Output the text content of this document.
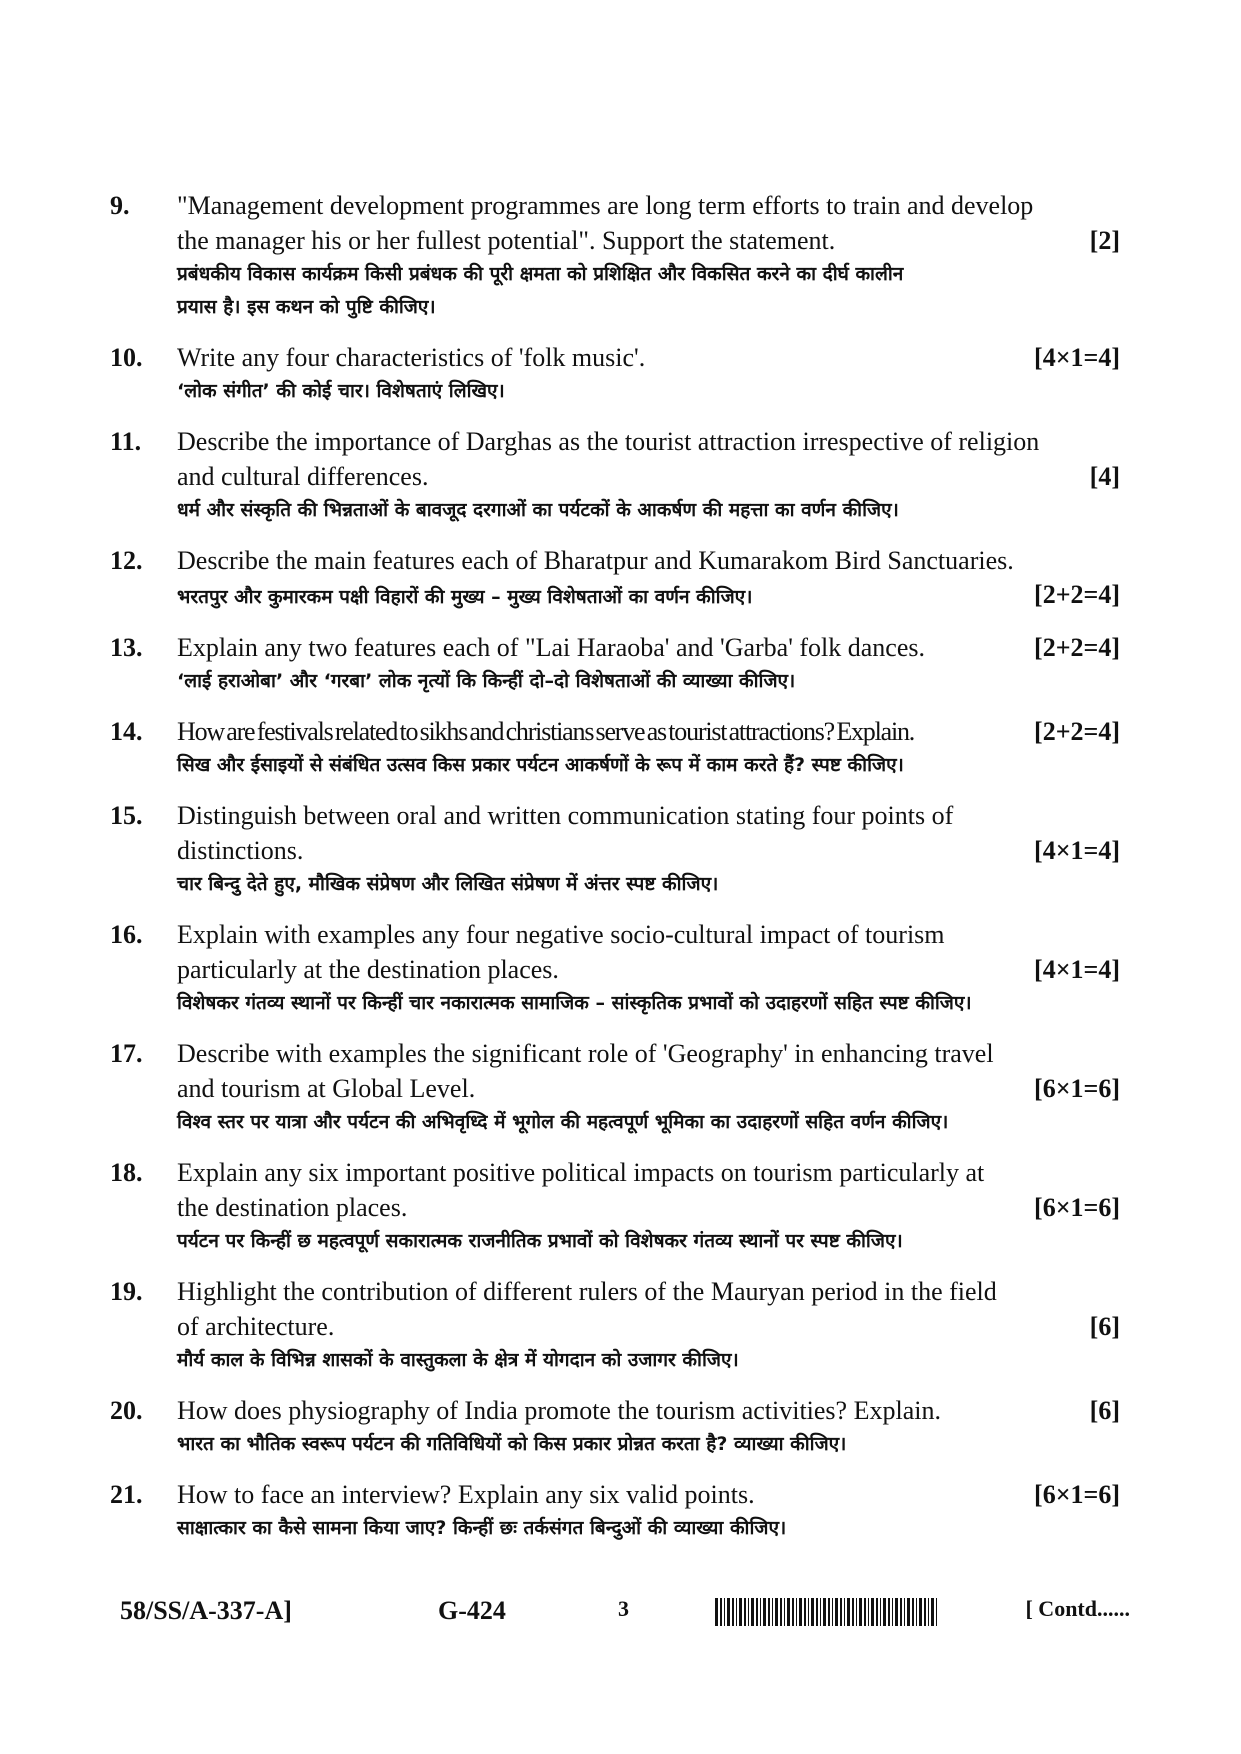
9.	"Management development programmes are long term efforts to train and develop
the manager his or her fullest potential". Support the statement.	[2]
प्रबंधकीय विकास कार्यक्रम किसी प्रबंधक की पूरी क्षमता को प्रशिक्षित और विकसित करने का दीर्घ कालीन
प्रयास है। इस कथन को पुष्टि कीजिए।
10.	Write any four characteristics of 'folk music'.	[4×1=4]
‘लोक संगीत’ की कोई चार। विशेषताएं लिखिए।
11.	Describe the importance of Darghas as the tourist attraction irrespective of religion
and cultural differences.	[4]
धर्म और संस्कृति की भिन्नताओं के बावजूद दरगाओं का पर्यटकों के आकर्षण की महत्ता का वर्णन कीजिए।
12.	Describe the main features each of Bharatpur and Kumarakom Bird Sanctuaries.
भरतपुर और कुमारकम पक्षी विहारों की मुख्य – मुख्य विशेषताओं का वर्णन कीजिए।	[2+2=4]
13.	Explain any two features each of "Lai Haraoba' and 'Garba' folk dances.	[2+2=4]
‘लाई हराओबा’ और ‘गरबा’ लोक नृत्यों कि किन्हीं दो–दो विशेषताओं की व्याख्या कीजिए।
14.	How are festivals related to sikhs and christians serve as tourist attractions? Explain.	[2+2=4]
सिख और ईसाइयों से संबंधित उत्सव किस प्रकार पर्यटन आकर्षणों के रूप में काम करते हैं? स्पष्ट कीजिए।
15.	Distinguish between oral and written communication stating four points of
distinctions.	[4×1=4]
चार बिन्दु देते हुए, मौखिक संप्रेषण और लिखित संप्रेषण में अंत्तर स्पष्ट कीजिए।
16.	Explain with examples any four negative socio-cultural impact of tourism
particularly at the destination places.	[4×1=4]
विशेषकर गंतव्य स्थानों पर किन्हीं चार नकारात्मक सामाजिक – सांस्कृतिक प्रभावों को उदाहरणों सहित स्पष्ट कीजिए।
17.	Describe with examples the significant role of 'Geography' in enhancing travel
and tourism at Global Level.	[6×1=6]
विश्व स्तर पर यात्रा और पर्यटन की अभिवृध्दि में भूगोल की महत्वपूर्ण भूमिका का उदाहरणों सहित वर्णन कीजिए।
18.	Explain any six important positive political impacts on tourism particularly at
the destination places.	[6×1=6]
पर्यटन पर किन्हीं छ महत्वपूर्ण सकारात्मक राजनीतिक प्रभावों को विशेषकर गंतव्य स्थानों पर स्पष्ट कीजिए।
19.	Highlight the contribution of different rulers of the Mauryan period in the field
of architecture.	[6]
मौर्य काल के विभिन्न शासकों के वास्तुकला के क्षेत्र में योगदान को उजागर कीजिए।
20.	How does physiography of India promote the tourism activities? Explain.	[6]
भारत का भौतिक स्वरूप पर्यटन की गतिविधियों को किस प्रकार प्रोन्नत करता है? व्याख्या कीजिए।
21.	How to face an interview? Explain any six valid points.	[6×1=6]
साक्षात्कार का कैसे सामना किया जाए? किन्हीं छः तर्कसंगत बिन्दुओं की व्याख्या कीजिए।
58/SS/A-337-A]	G-424	3	[ Contd......
